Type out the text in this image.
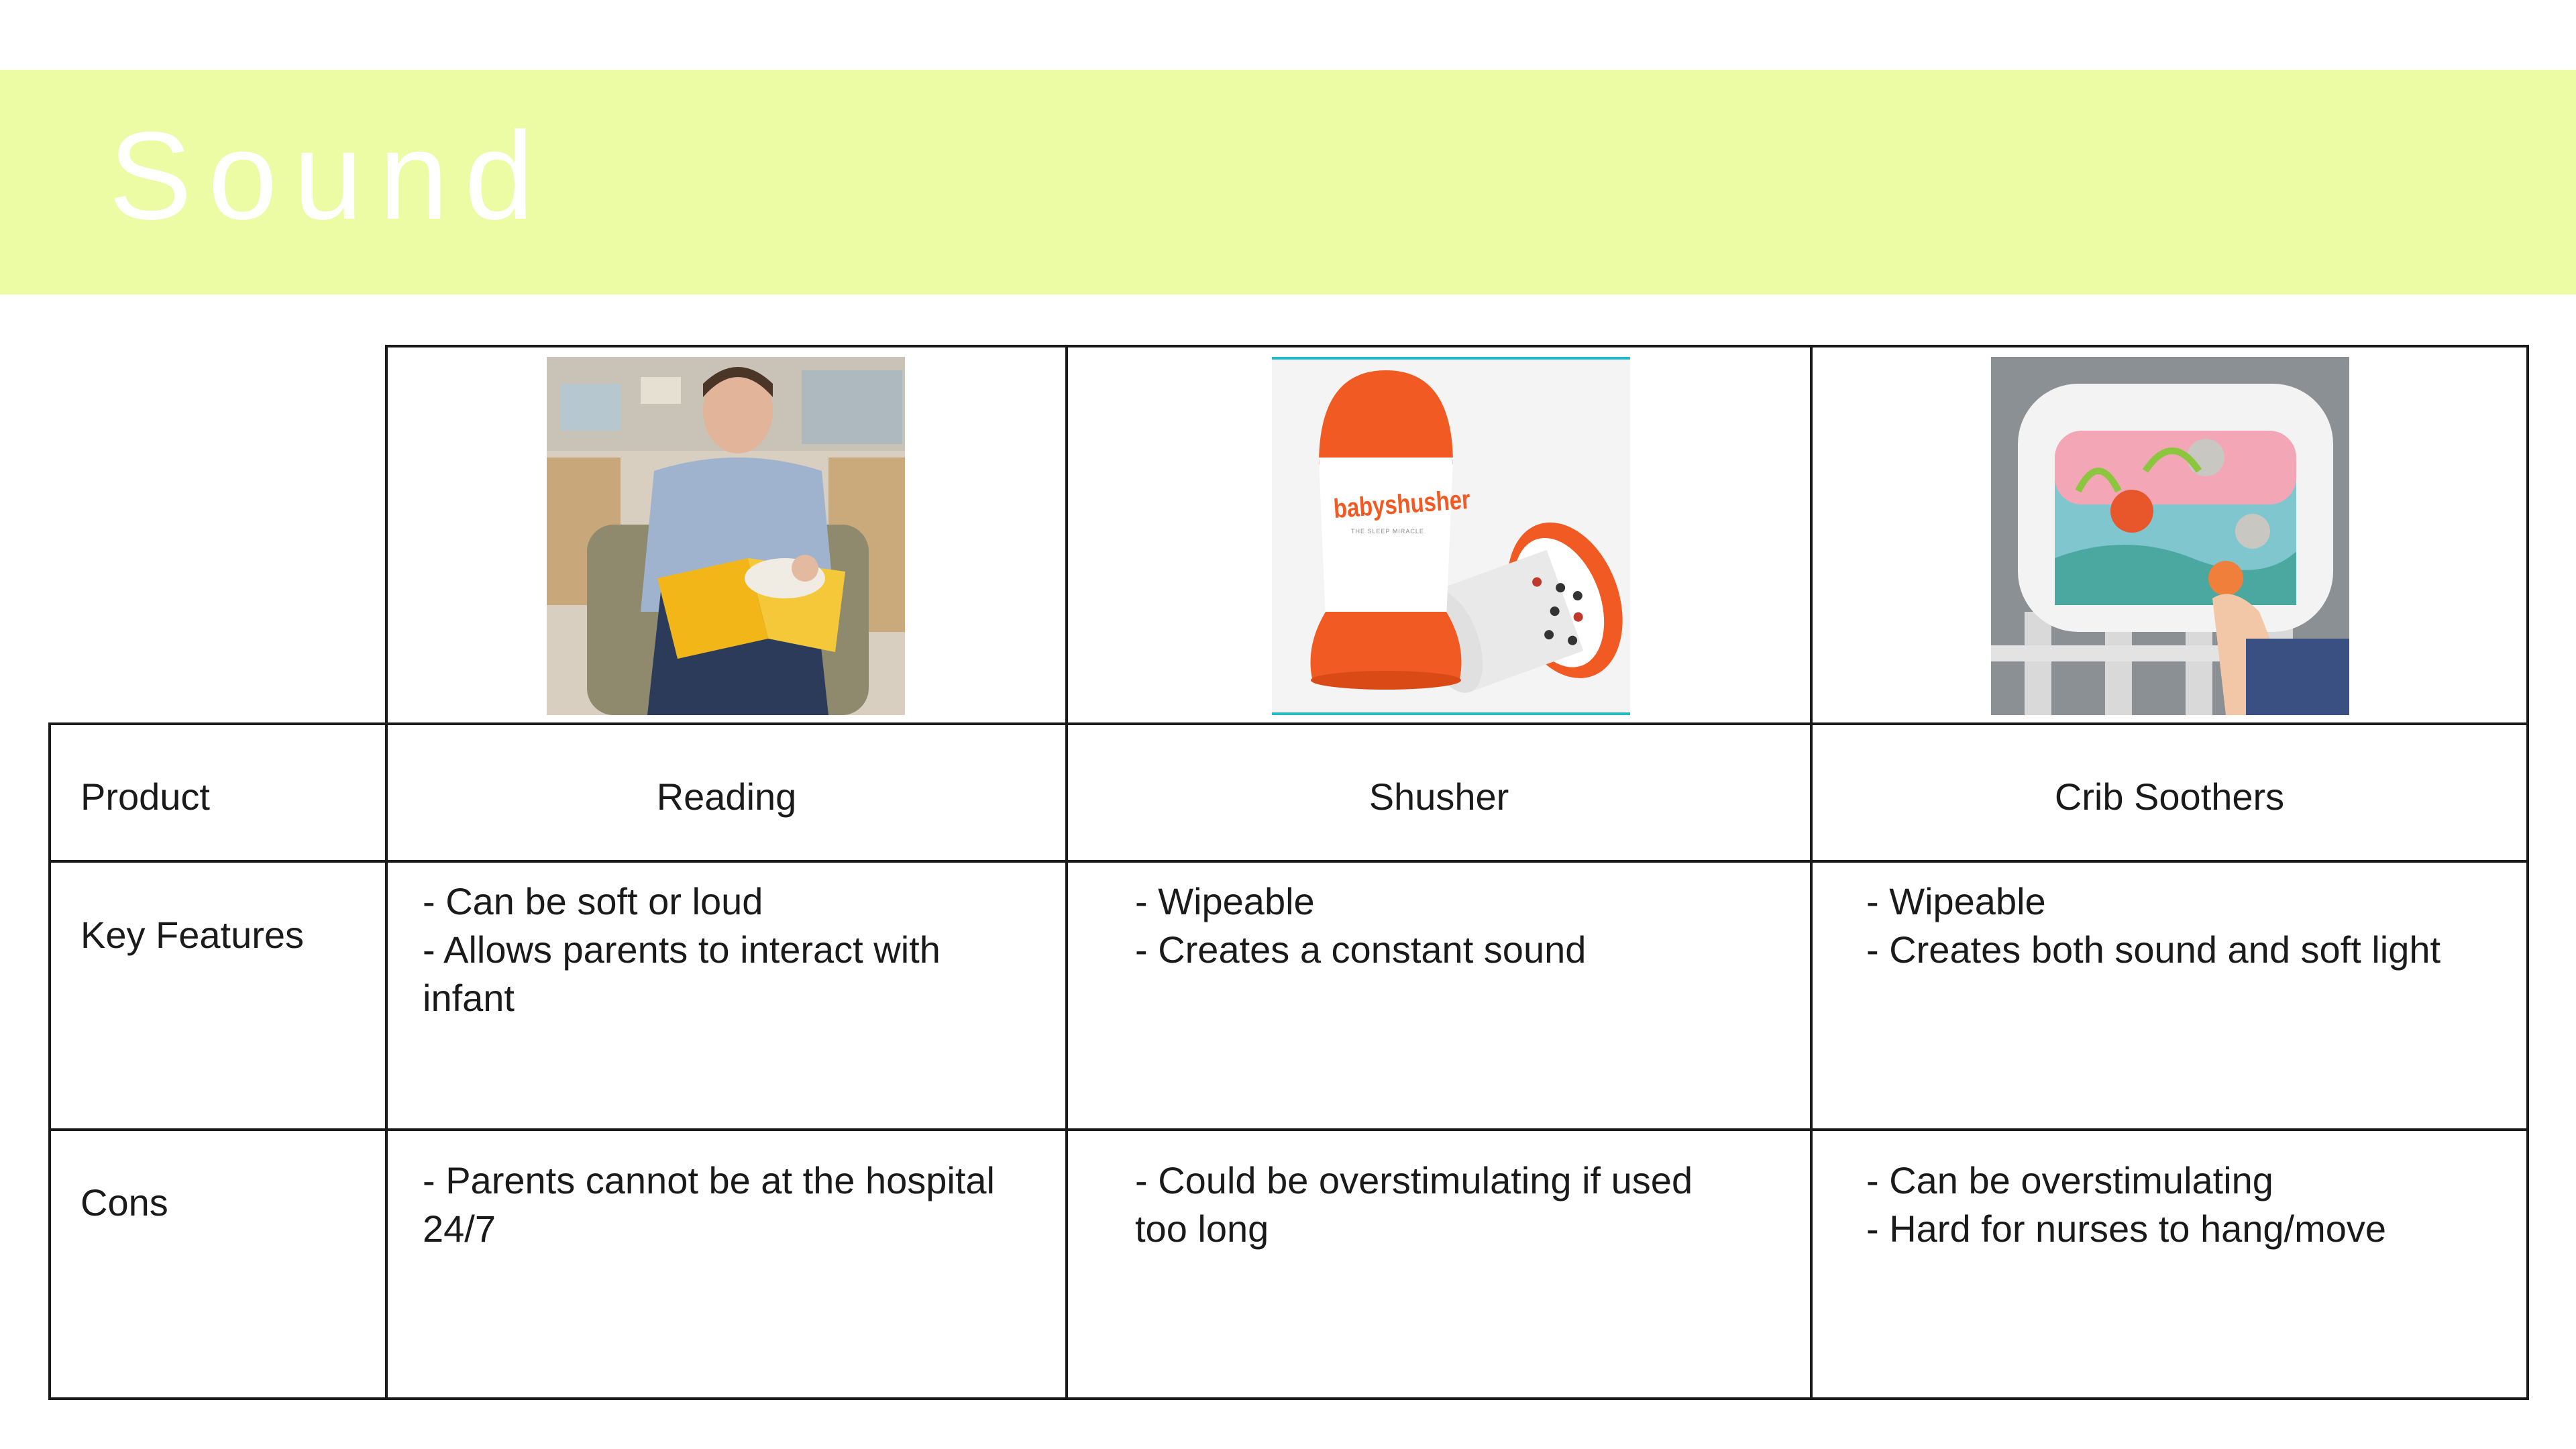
Sound
babyshusher
THE SLEEP MIRACLE
Product
Key Features
Cons
Reading	Shusher	Crib Soothers
- Can be soft or loud
- Allows parents to interact with
infant
- Wipeable
- Creates a constant sound
- Wipeable
- Creates both sound and soft light
- Parents cannot be at the hospital
24/7
- Could be overstimulating if used
too long
- Can be overstimulating
- Hard for nurses to hang/move
